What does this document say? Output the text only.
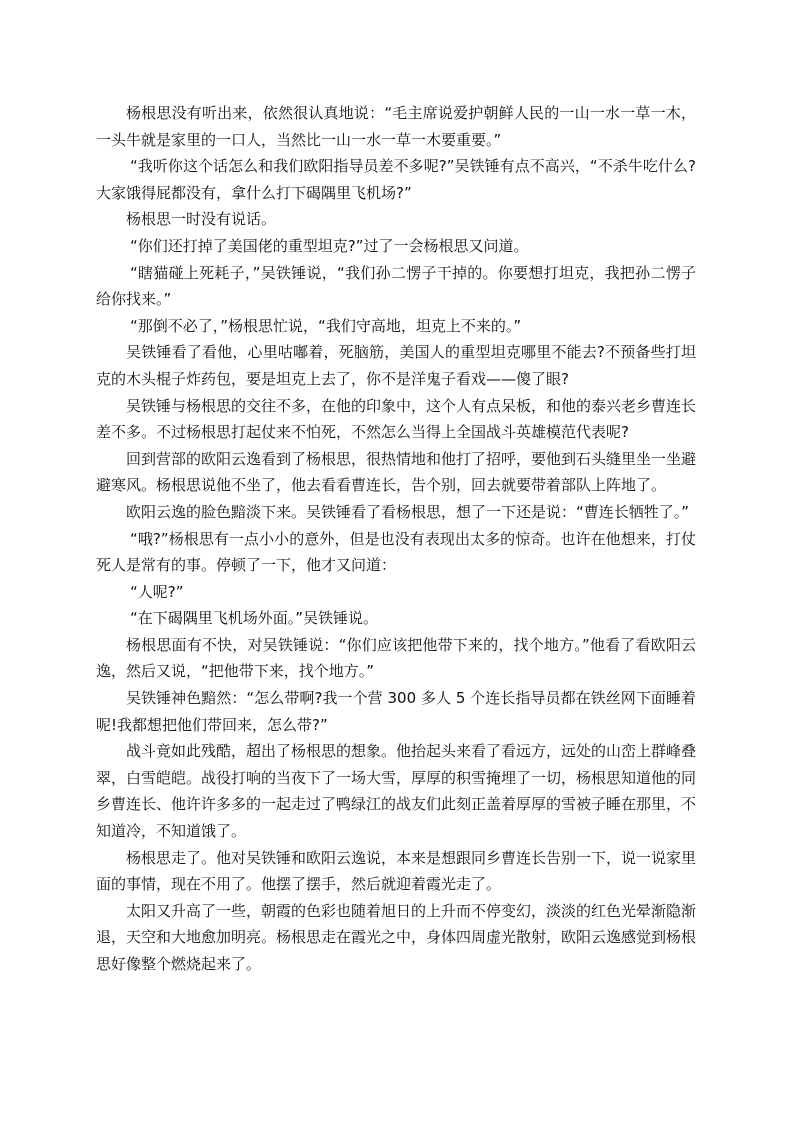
杨根思没有听出来，依然很认真地说：“毛主席说爱护朝鲜人民的一山一水一草一木，一头牛就是家里的一口人，当然比一山一水一草一木要重要。”

“我听你这个话怎么和我们欧阳指导员差不多呢?”吴铁锤有点不高兴，“不杀牛吃什么?大家饿得屁都没有，拿什么打下碣隅里飞机场?”

杨根思一时没有说话。

“你们还打掉了美国佬的重型坦克?”过了一会杨根思又问道。

“瞎猫碰上死耗子，”吴铁锤说，“我们孙二愣子干掉的。你要想打坦克，我把孙二愣子给你找来。”

“那倒不必了，”杨根思忙说，“我们守高地，坦克上不来的。”

吴铁锤看了看他，心里咕嘟着，死脑筋，美国人的重型坦克哪里不能去?不预备些打坦克的木头棍子炸药包，要是坦克上去了，你不是洋鬼子看戏——傻了眼?

吴铁锤与杨根思的交往不多，在他的印象中，这个人有点呆板，和他的泰兴老乡曹连长差不多。不过杨根思打起仗来不怕死，不然怎么当得上全国战斗英雄模范代表呢?

回到营部的欧阳云逸看到了杨根思，很热情地和他打了招呼，要他到石头缝里坐一坐避避寒风。杨根思说他不坐了，他去看看曹连长，告个别，回去就要带着部队上阵地了。

欧阳云逸的脸色黯淡下来。吴铁锤看了看杨根思，想了一下还是说：“曹连长牺牲了。”

“哦?”杨根思有一点小小的意外，但是也没有表现出太多的惊奇。也许在他想来，打仗死人是常有的事。停顿了一下，他才又问道：

“人呢?”

“在下碣隅里飞机场外面。”吴铁锤说。

杨根思面有不快，对吴铁锤说：“你们应该把他带下来的，找个地方。”他看了看欧阳云逸，然后又说，“把他带下来，找个地方。”

吴铁锤神色黯然：“怎么带啊?我一个营 300 多人 5 个连长指导员都在铁丝网下面睡着呢!我都想把他们带回来，怎么带?”

战斗竟如此残酷，超出了杨根思的想象。他抬起头来看了看远方，远处的山峦上群峰叠翠，白雪皑皑。战役打响的当夜下了一场大雪，厚厚的积雪掩埋了一切，杨根思知道他的同乡曹连长、他许许多多的一起走过了鸭绿江的战友们此刻正盖着厚厚的雪被子睡在那里，不知道冷，不知道饿了。

杨根思走了。他对吴铁锤和欧阳云逸说，本来是想跟同乡曹连长告别一下，说一说家里面的事情，现在不用了。他摆了摆手，然后就迎着霞光走了。

太阳又升高了一些，朝霞的色彩也随着旭日的上升而不停变幻，淡淡的红色光晕渐隐渐退，天空和大地愈加明亮。杨根思走在霞光之中，身体四周虚光散射，欧阳云逸感觉到杨根思好像整个燃烧起来了。
